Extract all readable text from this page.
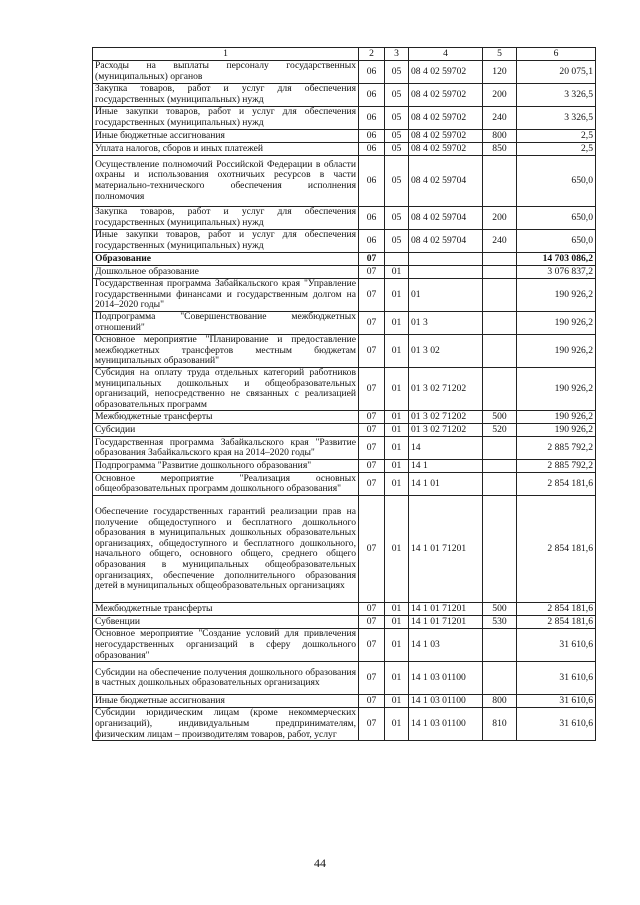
1	2	3	4	5	6
Расходы на выплаты персоналу государственных (муниципальных) органов	06	05	08 4 02 59702	120	20 075,1
Закупка товаров, работ и услуг для обеспечения государственных (муниципальных) нужд	06	05	08 4 02 59702	200	3 326,5
Иные закупки товаров, работ и услуг для обеспечения государственных (муниципальных) нужд	06	05	08 4 02 59702	240	3 326,5
Иные бюджетные ассигнования	06	05	08 4 02 59702	800	2,5
Уплата налогов, сборов и иных платежей	06	05	08 4 02 59702	850	2,5
Осуществление полномочий Российской Федерации в области охраны и использования охотничьих ресурсов в части материально-технического обеспечения исполнения полномочия	06	05	08 4 02 59704		650,0
Закупка товаров, работ и услуг для обеспечения государственных (муниципальных) нужд	06	05	08 4 02 59704	200	650,0
Иные закупки товаров, работ и услуг для обеспечения государственных (муниципальных) нужд	06	05	08 4 02 59704	240	650,0
Образование	07				14 703 086,2
Дошкольное образование	07	01			3 076 837,2
Государственная программа Забайкальского края "Управление государственными финансами и государственным долгом на 2014–2020 годы"	07	01	01		190 926,2
Подпрограмма "Совершенствование межбюджетных отношений"	07	01	01 3		190 926,2
Основное мероприятие "Планирование и предоставление межбюджетных трансфертов местным бюджетам муниципальных образований"	07	01	01 3 02		190 926,2
Субсидия на оплату труда отдельных категорий работников муниципальных дошкольных и общеобразовательных организаций, непосредственно не связанных с реализацией образовательных программ	07	01	01 3 02 71202		190 926,2
Межбюджетные трансферты	07	01	01 3 02 71202	500	190 926,2
Субсидии	07	01	01 3 02 71202	520	190 926,2
Государственная программа Забайкальского края "Развитие образования Забайкальского края на 2014–2020 годы"	07	01	14		2 885 792,2
Подпрограмма "Развитие дошкольного образования"	07	01	14 1		2 885 792,2
Основное мероприятие "Реализация основных общеобразовательных программ дошкольного образования"	07	01	14 1 01		2 854 181,6
Обеспечение государственных гарантий реализации прав на получение общедоступного и бесплатного дошкольного образования в муниципальных дошкольных образовательных организациях, общедоступного и бесплатного дошкольного, начального общего, основного общего, среднего общего образования в муниципальных общеобразовательных организациях, обеспечение дополнительного образования детей в муниципальных общеобразовательных организациях	07	01	14 1 01 71201		2 854 181,6
Межбюджетные трансферты	07	01	14 1 01 71201	500	2 854 181,6
Субвенции	07	01	14 1 01 71201	530	2 854 181,6
Основное мероприятие "Создание условий для привлечения негосударственных организаций в сферу дошкольного образования"	07	01	14 1 03		31 610,6
Субсидии на обеспечение получения дошкольного образования в частных дошкольных образовательных организациях	07	01	14 1 03 01100		31 610,6
Иные бюджетные ассигнования	07	01	14 1 03 01100	800	31 610,6
Субсидии юридическим лицам (кроме некоммерческих организаций), индивидуальным предпринимателям, физическим лицам – производителям товаров, работ, услуг	07	01	14 1 03 01100	810	31 610,6
44
